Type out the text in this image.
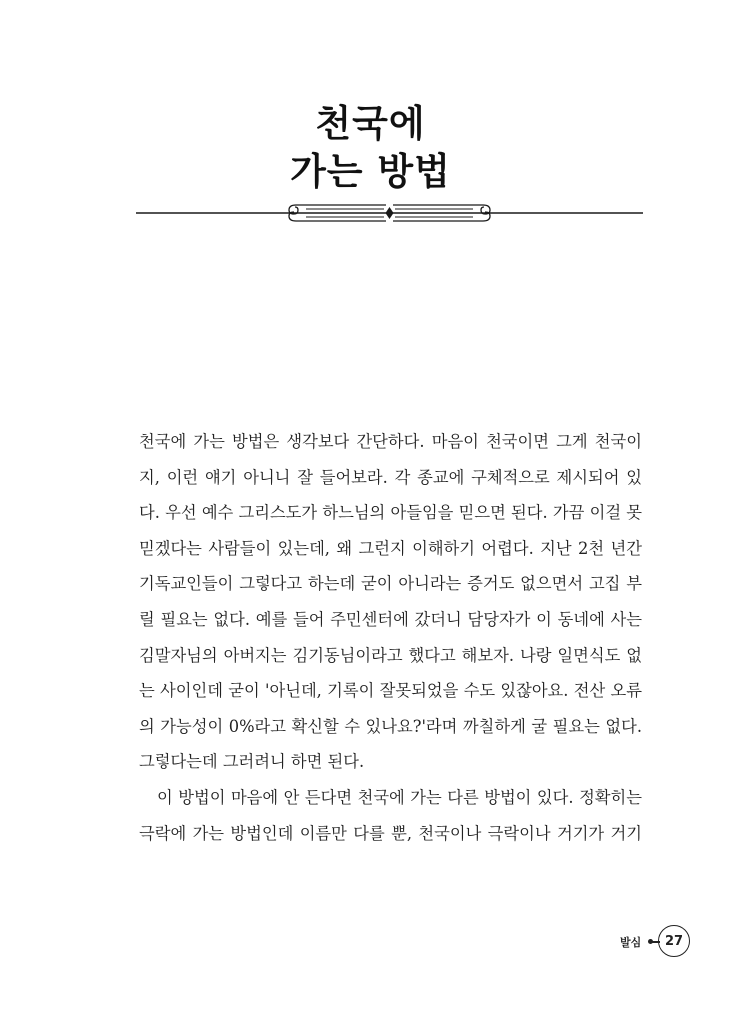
천국에
가는 방법
천국에 가는 방법은 생각보다 간단하다. 마음이 천국이면 그게 천국이
지, 이런 얘기 아니니 잘 들어보라. 각 종교에 구체적으로 제시되어 있
다. 우선 예수 그리스도가 하느님의 아들임을 믿으면 된다. 가끔 이걸 못
믿겠다는 사람들이 있는데, 왜 그런지 이해하기 어렵다. 지난 2천 년간
기독교인들이 그렇다고 하는데 굳이 아니라는 증거도 없으면서 고집 부
릴 필요는 없다. 예를 들어 주민센터에 갔더니 담당자가 이 동네에 사는
김말자님의 아버지는 김기동님이라고 했다고 해보자. 나랑 일면식도 없
는 사이인데 굳이 '아닌데, 기록이 잘못되었을 수도 있잖아요. 전산 오류
의 가능성이 0%라고 확신할 수 있나요?'라며 까칠하게 굴 필요는 없다.
그렇다는데 그러려니 하면 된다.
이 방법이 마음에 안 든다면 천국에 가는 다른 방법이 있다. 정확히는
극락에 가는 방법인데 이름만 다를 뿐, 천국이나 극락이나 거기가 거기
발심	27
